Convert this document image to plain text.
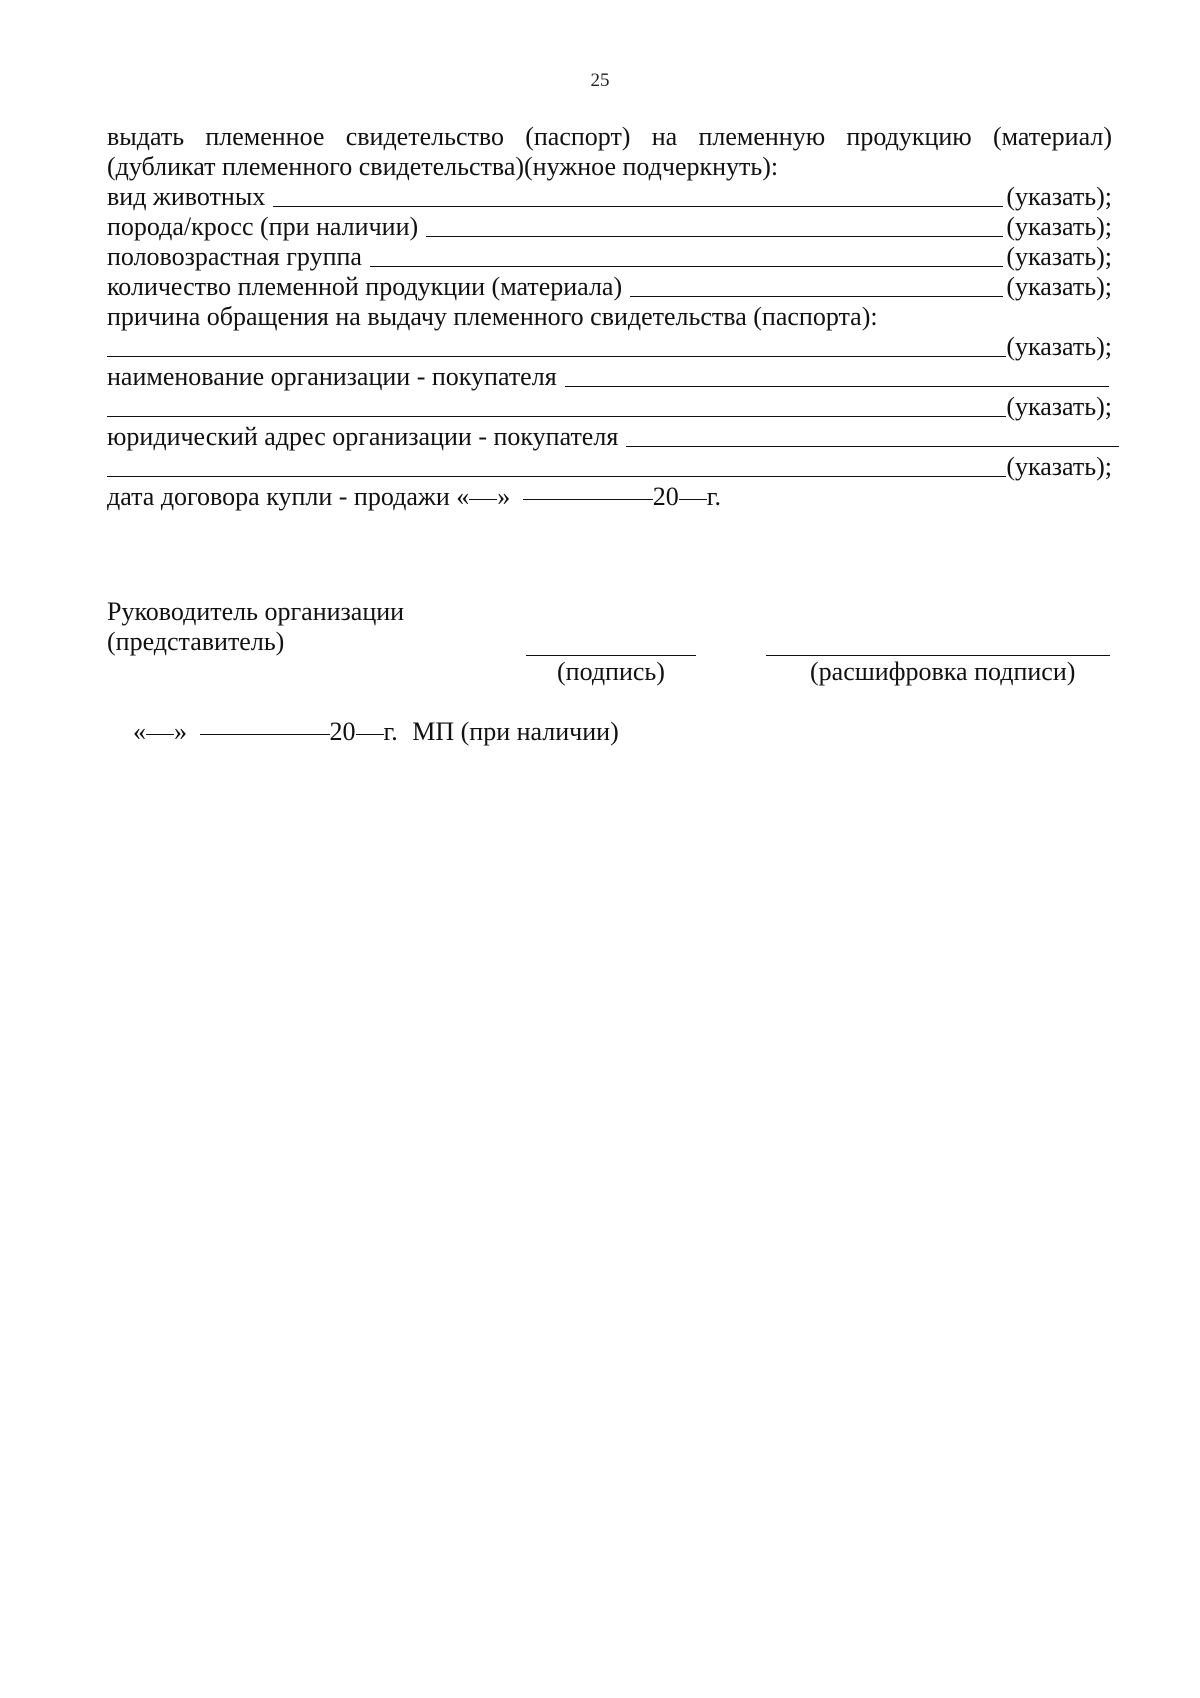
25
выдать племенное свидетельство (паспорт) на племенную продукцию (материал)
(дубликат племенного свидетельства)(нужное подчеркнуть):
вид животных	(указать);
порода/кросс (при наличии)	(указать);
половозрастная группа	(указать);
количество племенной продукции (материала)	(указать);
причина обращения на выдачу племенного свидетельства (паспорта):
(указать);
наименование организации - покупателя
(указать);
юридический адрес организации - покупателя
(указать);
дата договора купли - продажи « »	20 г.
Руководитель организации
(представитель)
(подпись)	(расшифровка подписи)
« »	20 г. МП (при наличии)
